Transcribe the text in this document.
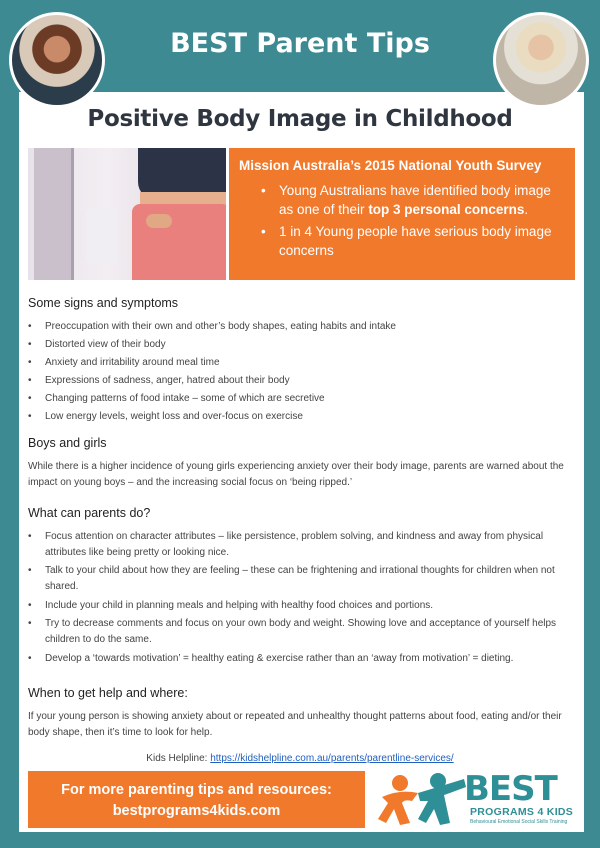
BEST Parent Tips
Positive Body Image in Childhood
Mission Australia’s 2015 National Youth Survey
• Young Australians have identified body image as one of their top 3 personal concerns.
• 1 in 4 Young people have serious body image concerns
Some signs and symptoms
• Preoccupation with their own and other’s body shapes, eating habits and intake
• Distorted view of their body
• Anxiety and irritability around meal time
• Expressions of sadness, anger, hatred about their body
• Changing patterns of food intake – some of which are secretive
• Low energy levels, weight loss and over-focus on exercise
Boys and girls

While there is a higher incidence of young girls experiencing anxiety over their body image, parents are warned about the impact on young boys – and the increasing social focus on ‘being ripped.’

What can parents do?
• Focus attention on character attributes – like persistence, problem solving, and kindness and away from physical attributes like being pretty or looking nice.
• Talk to your child about how they are feeling – these can be frightening and irrational thoughts for children when not shared.
• Include your child in planning meals and helping with healthy food choices and portions.
• Try to decrease comments and focus on your own body and weight. Showing love and acceptance of yourself helps children to do the same.
• Develop a ‘towards motivation’ = healthy eating & exercise rather than an ‘away from motivation’ = dieting.
When to get help and where:

If your young person is showing anxiety about or repeated and unhealthy thought patterns about food, eating and/or their body shape, then it’s time to look for help.

Kids Helpline: https://kidshelpline.com.au/parents/parentline-services/
For more parenting tips and resources:
bestprograms4kids.com
BEST
PROGRAMS 4 KIDS
Behavioural Emotional Social Skills Training
